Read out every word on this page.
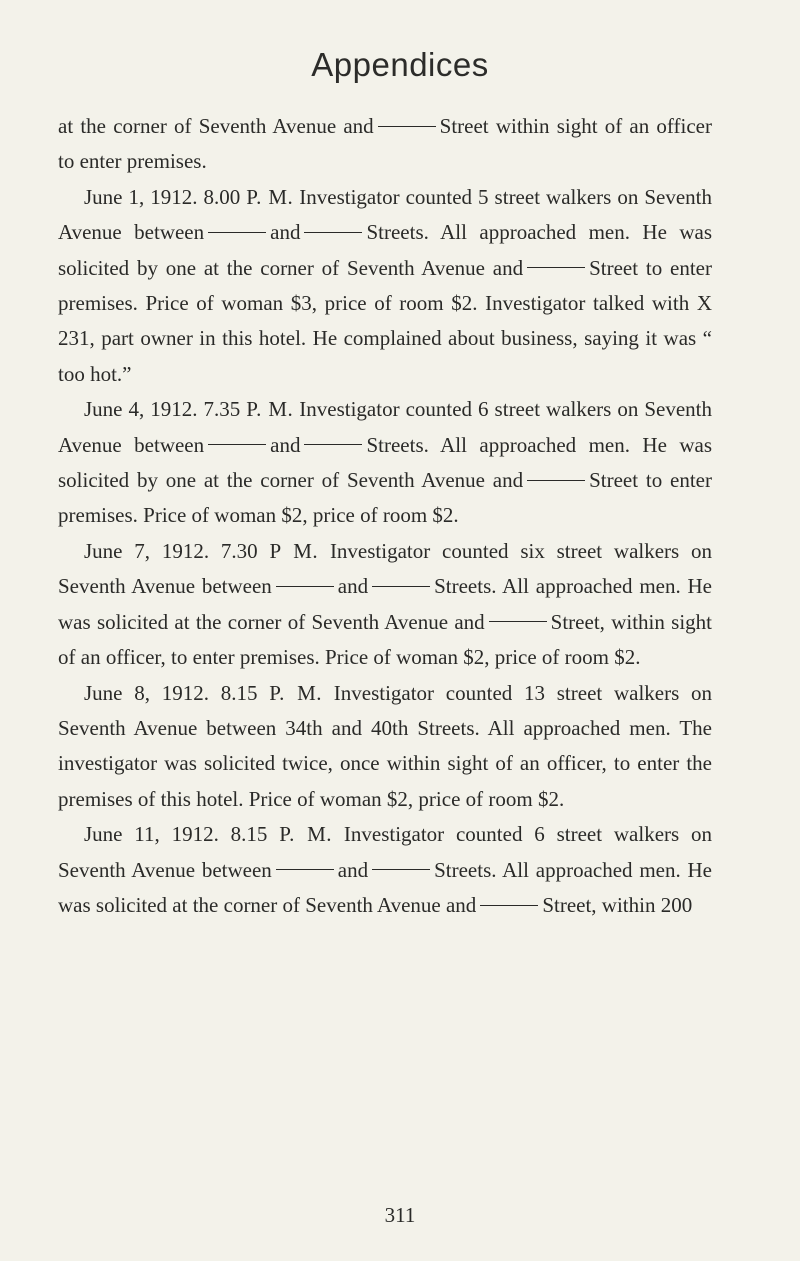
Appendices

at the corner of Seventh Avenue and	Street within sight of an officer to enter premises.

June 1, 1912. 8.00 P. M. Investigator counted 5 street walkers on Seventh Avenue between	and	Streets. All approached men. He was solicited by one at the corner of Seventh Avenue and	Street to enter premises. Price of woman $3, price of room $2. Investigator talked with X 231, part owner in this hotel. He complained about business, saying it was “ too hot.”

June 4, 1912. 7.35 P. M. Investigator counted 6 street walkers on Seventh Avenue between	and	Streets. All approached men. He was solicited by one at the corner of Seventh Avenue and	Street to enter premises. Price of woman $2, price of room $2.

June 7, 1912. 7.30 P M. Investigator counted six street walkers on Seventh Avenue between	and	Streets. All approached men. He was solicited at the corner of Seventh Avenue and	Street, within sight of an officer, to enter premises. Price of woman $2, price of room $2.

June 8, 1912. 8.15 P. M. Investigator counted 13 street walkers on Seventh Avenue between 34th and 40th Streets. All approached men. The investigator was solicited twice, once within sight of an officer, to enter the premises of this hotel. Price of woman $2, price of room $2.

June 11, 1912. 8.15 P. M. Investigator counted 6 street walkers on Seventh Avenue between	and	Streets. All approached men. He was solicited at the corner of Seventh Avenue and	Street, within 200

311
